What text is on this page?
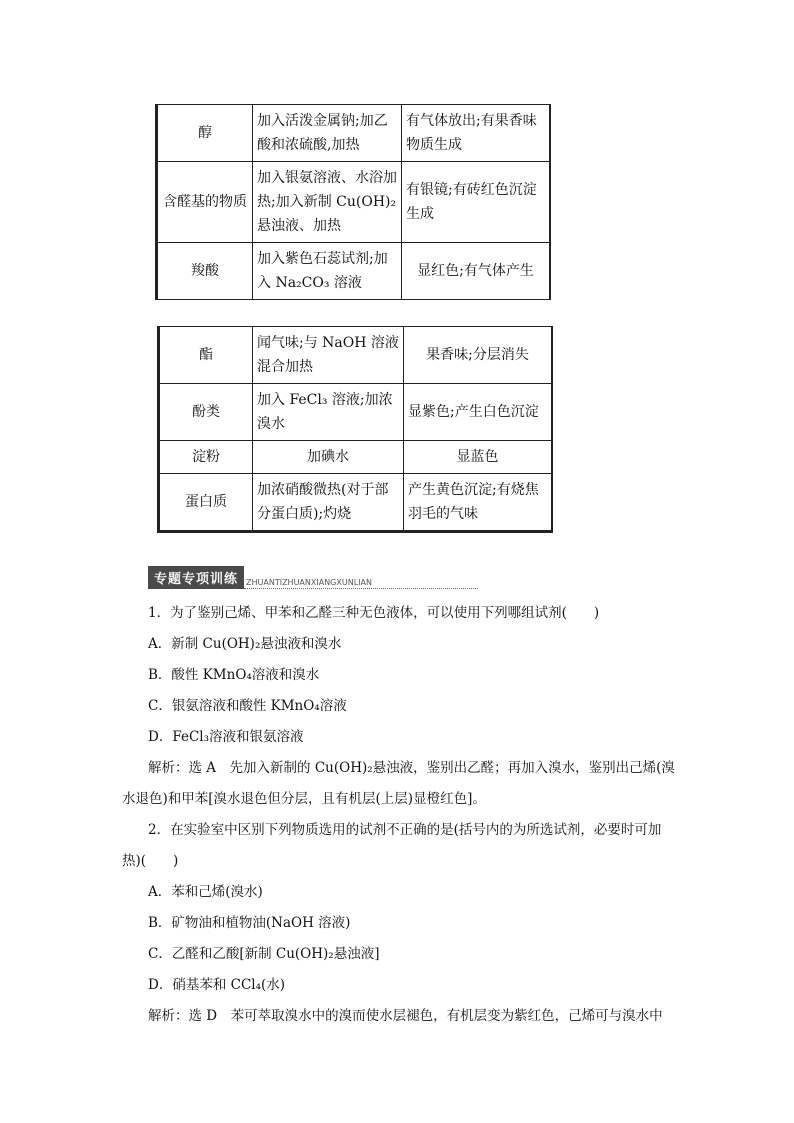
醇	加入活泼金属钠;加乙酸和浓硫酸,加热	有气体放出;有果香味物质生成
含醛基的物质	加入银氨溶液、水浴加热;加入新制 Cu(OH)₂ 悬浊液、加热	有银镜;有砖红色沉淀生成
羧酸	加入紫色石蕊试剂;加入 Na₂CO₃ 溶液	显红色;有气体产生
酯	闻气味;与 NaOH 溶液混合加热	果香味;分层消失
酚类	加入 FeCl₃ 溶液;加浓溴水	显紫色;产生白色沉淀
淀粉	加碘水	显蓝色
蛋白质	加浓硝酸微热(对于部分蛋白质);灼烧	产生黄色沉淀;有烧焦羽毛的气味
专题专项训练	ZHUANTIZHUANXIANGXUNLIAN

1．为了鉴别己烯、甲苯和乙醛三种无色液体，可以使用下列哪组试剂(　　)

A．新制 Cu(OH)₂悬浊液和溴水

B．酸性 KMnO₄溶液和溴水

C．银氨溶液和酸性 KMnO₄溶液

D．FeCl₃溶液和银氨溶液

解析：选 A　先加入新制的 Cu(OH)₂悬浊液，鉴别出乙醛；再加入溴水，鉴别出己烯(溴水退色)和甲苯[溴水退色但分层，且有机层(上层)显橙红色]。

2．在实验室中区别下列物质选用的试剂不正确的是(括号内的为所选试剂，必要时可加热)(　　)

A．苯和己烯(溴水)

B．矿物油和植物油(NaOH 溶液)

C．乙醛和乙酸[新制 Cu(OH)₂悬浊液]

D．硝基苯和 CCl₄(水)

解析：选 D　苯可萃取溴水中的溴而使水层褪色，有机层变为紫红色，己烯可与溴水中
